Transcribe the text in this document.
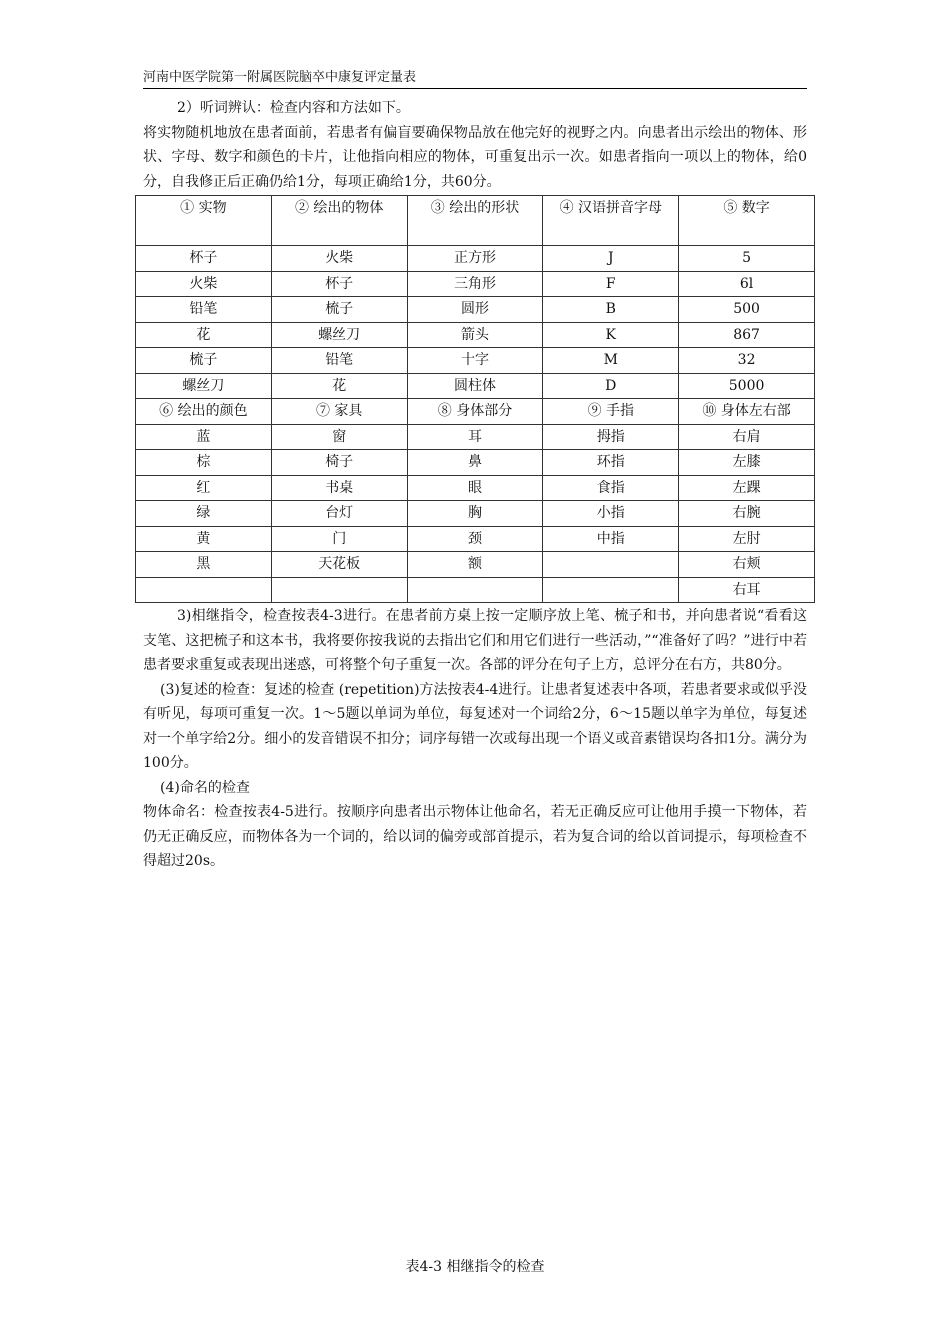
河南中医学院第一附属医院脑卒中康复评定量表

2）听词辨认：检查内容和方法如下。

将实物随机地放在患者面前，若患者有偏盲要确保物品放在他完好的视野之内。向患者出示绘出的物体、形状、字母、数字和颜色的卡片，让他指向相应的物体，可重复出示一次。如患者指向一项以上的物体，给0分，自我修正后正确仍给1分，每项正确给1分，共60分。

① 实物	② 绘出的物体	③ 绘出的形状	④ 汉语拼音字母	⑤ 数字
杯子	火柴	正方形	J	5
火柴	杯子	三角形	F	6l
铅笔	梳子	圆形	B	500
花	螺丝刀	箭头	K	867
梳子	铅笔	十字	M	32
螺丝刀	花	圆柱体	D	5000
⑥ 绘出的颜色	⑦ 家具	⑧ 身体部分	⑨ 手指	⑩ 身体左右部
蓝	窗	耳	拇指	右肩
棕	椅子	鼻	环指	左膝
红	书桌	眼	食指	左踝
绿	台灯	胸	小指	右腕
黄	门	颈	中指	左肘
黑	天花板	额		右颊
				右耳

3)相继指令，检查按表4-3进行。在患者前方桌上按一定顺序放上笔、梳子和书，并向患者说“看看这支笔、这把梳子和这本书，我将要你按我说的去指出它们和用它们进行一些活动，”“准备好了吗？”进行中若患者要求重复或表现出迷惑，可将整个句子重复一次。各部的评分在句子上方，总评分在右方，共80分。

(3)复述的检查：复述的检查 (repetition)方法按表4-4进行。让患者复述表中各项，若患者要求或似乎没有听见，每项可重复一次。1～5题以单词为单位，每复述对一个词给2分，6～15题以单字为单位，每复述对一个单字给2分。细小的发音错误不扣分；词序每错一次或每出现一个语义或音素错误均各扣1分。满分为100分。

(4)命名的检查

物体命名：检查按表4-5进行。按顺序向患者出示物体让他命名，若无正确反应可让他用手摸一下物体，若仍无正确反应，而物体各为一个词的，给以词的偏旁或部首提示，若为复合词的给以首词提示，每项检查不得超过20s。

表4-3 相继指令的检查
